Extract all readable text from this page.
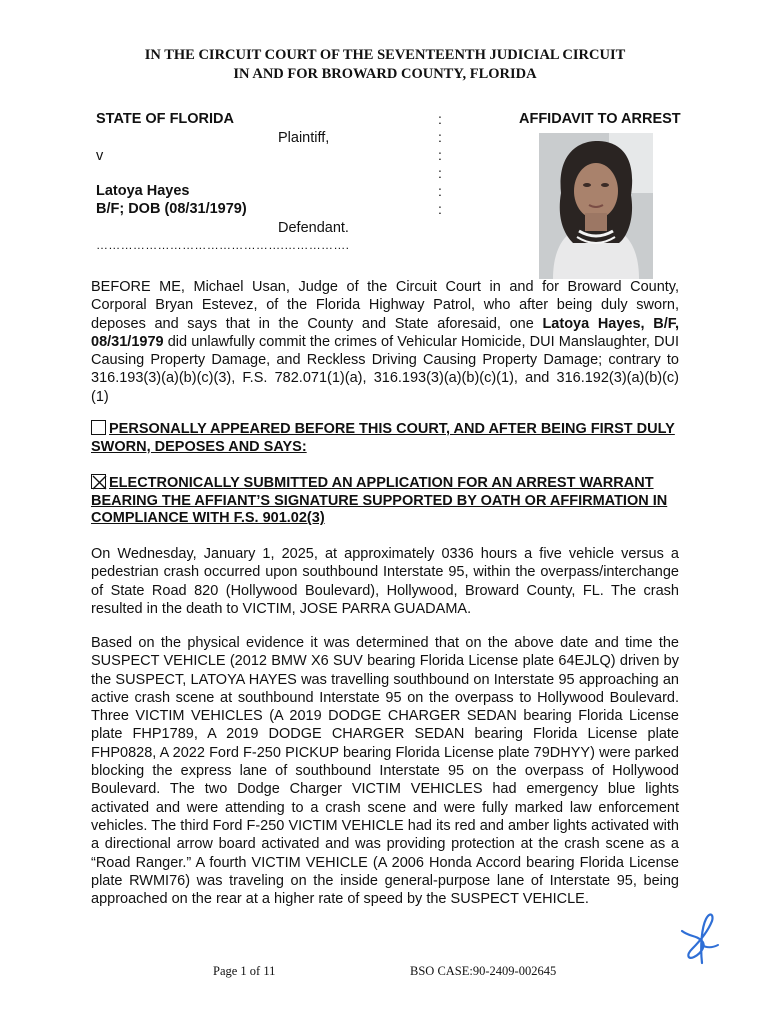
IN THE CIRCUIT COURT OF THE SEVENTEENTH JUDICIAL CIRCUIT
IN AND FOR BROWARD COUNTY, FLORIDA
STATE OF FLORIDA
Plaintiff,
v
Latoya Hayes
B/F; DOB (08/31/1979)
Defendant.
……………………………………….…………….
:
:
:
:
:
:
AFFIDAVIT TO ARREST
BEFORE ME, Michael Usan, Judge of the Circuit Court in and for Broward County, Corporal Bryan Estevez, of the Florida Highway Patrol, who after being duly sworn, deposes and says that in the County and State aforesaid, one Latoya Hayes, B/F, 08/31/1979 did unlawfully commit the crimes of Vehicular Homicide, DUI Manslaughter, DUI Causing Property Damage, and Reckless Driving Causing Property Damage; contrary to 316.193(3)(a)(b)(c)(3), F.S. 782.071(1)(a), 316.193(3)(a)(b)(c)(1), and 316.192(3)(a)(b)(c)(1)
PERSONALLY APPEARED BEFORE THIS COURT, AND AFTER BEING FIRST DULY SWORN, DEPOSES AND SAYS:
ELECTRONICALLY SUBMITTED AN APPLICATION FOR AN ARREST WARRANT BEARING THE AFFIANT’S SIGNATURE SUPPORTED BY OATH OR AFFIRMATION IN COMPLIANCE WITH F.S. 901.02(3)
On Wednesday, January 1, 2025, at approximately 0336 hours a five vehicle versus a pedestrian crash occurred upon southbound Interstate 95, within the overpass/interchange of State Road 820 (Hollywood Boulevard), Hollywood, Broward County, FL. The crash resulted in the death to VICTIM, JOSE PARRA GUADAMA.
Based on the physical evidence it was determined that on the above date and time the SUSPECT VEHICLE (2012 BMW X6 SUV bearing Florida License plate 64EJLQ) driven by the SUSPECT, LATOYA HAYES was travelling southbound on Interstate 95 approaching an active crash scene at southbound Interstate 95 on the overpass to Hollywood Boulevard. Three VICTIM VEHICLES (A 2019 DODGE CHARGER SEDAN bearing Florida License plate FHP1789, A 2019 DODGE CHARGER SEDAN bearing Florida License plate FHP0828, A 2022 Ford F-250 PICKUP bearing Florida License plate 79DHYY) were parked blocking the express lane of southbound Interstate 95 on the overpass of Hollywood Boulevard. The two Dodge Charger VICTIM VEHICLES had emergency blue lights activated and were attending to a crash scene and were fully marked law enforcement vehicles. The third Ford F-250 VICTIM VEHICLE had its red and amber lights activated with a directional arrow board activated and was providing protection at the crash scene as a “Road Ranger.” A fourth VICTIM VEHICLE (A 2006 Honda Accord bearing Florida License plate RWMI76) was traveling on the inside general-purpose lane of Interstate 95, being approached on the rear at a higher rate of speed by the SUSPECT VEHICLE.
Page 1 of 11	BSO CASE:90-2409-002645
